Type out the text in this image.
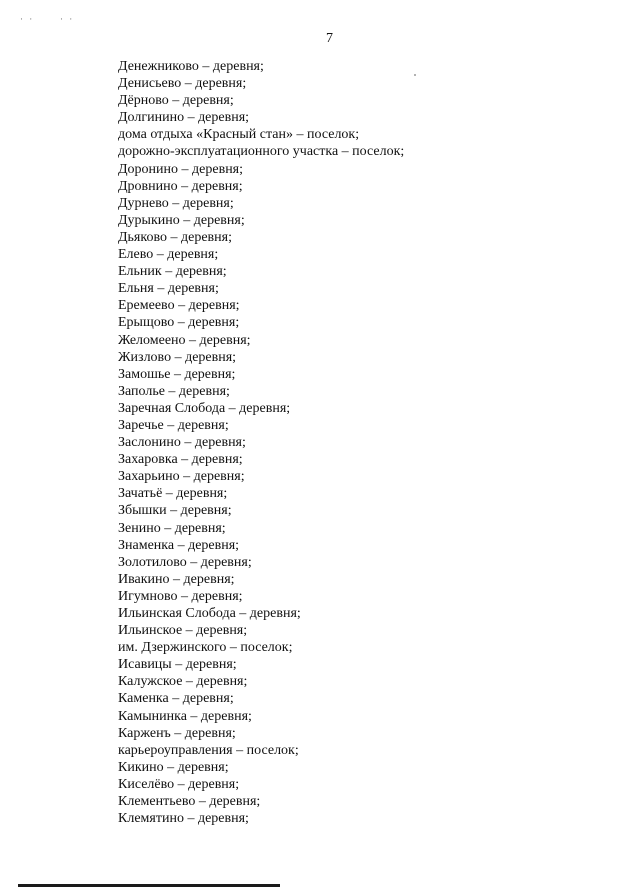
· ·	· ·
7
Денежниково – деревня;
Денисьево – деревня;
Дёрново – деревня;
Долгинино – деревня;
дома отдыха «Красный стан» – поселок;
дорожно-эксплуатационного участка – поселок;
Доронино – деревня;
Дровнино – деревня;
Дурнево – деревня;
Дурыкино – деревня;
Дьяково – деревня;
Елево – деревня;
Ельник – деревня;
Ельня – деревня;
Еремеево – деревня;
Ерыщово – деревня;
Желомеено – деревня;
Жизлово – деревня;
Замошье – деревня;
Заполье – деревня;
Заречная Слобода – деревня;
Заречье – деревня;
Заслонино – деревня;
Захаровка – деревня;
Захарьино – деревня;
Зачатьё – деревня;
Збышки – деревня;
Зенино – деревня;
Знаменка – деревня;
Золотилово – деревня;
Ивакино – деревня;
Игумново – деревня;
Ильинская Слобода – деревня;
Ильинское – деревня;
им. Дзержинского – поселок;
Исавицы – деревня;
Калужское – деревня;
Каменка – деревня;
Камынинка – деревня;
Карженъ – деревня;
карьероуправления – поселок;
Кикино – деревня;
Киселёво – деревня;
Клементьево – деревня;
Клемятино – деревня;
